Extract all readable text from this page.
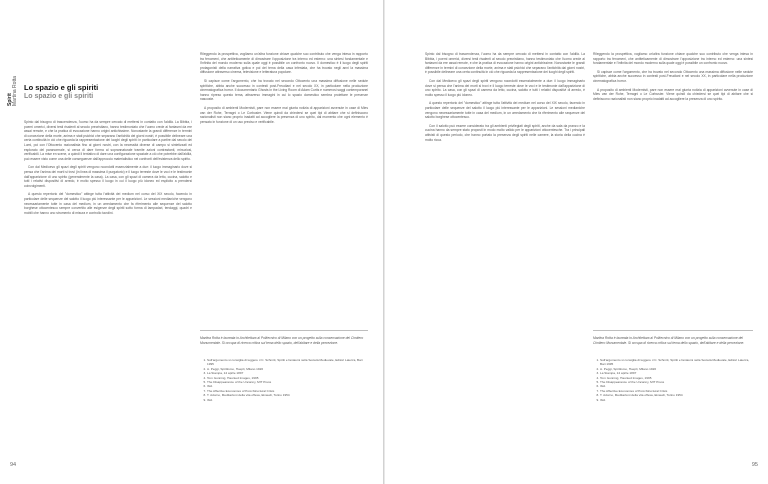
Spirit Martina Rotta Lo spazio e gli spiriti
Lo spazio e gli spiriti

Spinto dal bisogno di trascendenza, l'uomo ha da sempre cercato di mettersi in contatto con l'aldilà. La Bibbia, i poemi omerici, diversi testi risalenti al secolo precristiano, hanno testimoniato che l'uomo crede ai fantasmi da ere assai remote, e che la pratica di evocazione hanno origini antichissime. Nonostante la grandi differenze in termini di concezione della morte, anima e stati psichici che separano l'antichità dei giorni nostri, è possibile delineare una certa continuità in ciò che riguarda la rappresentazione dei luoghi degli spiriti: in particolare a partire dal secolo dei Lumi, poi con l'Ottocento razionalista fino ai giorni nostri, con la necessità diverse di campo si sintetizzati ed esplorato del paranormale, si cerca di dare forma al soprannaturale tramite azioni contrastanti, minuziosi, verificabili. La mise en scene, a quindi il tentativo di dare una configurazione spaziale a ciò che potrebbe dall'aldilà, può essere visto come una delle conseguenze dall'approccio materialistico nei confronti dell'esistenza dello spirito.

Con dal Medioevo gli spazi degli spiriti vengono noondotti essenzialmente a due: il luogo immaginario dove si pensa che l'anima dei morti si trovi (in linea di massima il purgatorio) e il luogo terreste dove le voci e le testimonie dall'apparizione di uno spirito (generalmente la casa). La casa, con gli spazi di camera da letto, cucina, salotto e tutti i relativi dispositivi di arredo, è molto spesso il luogo in cui il luogo più idoneo ed esplicito a prendersi coinvolgimenti.

A questo repertorio del "domestico" attinge tutta l'attività dei medium nel corso del XIX secolo, facendo in particolare delle sequenze del salotto il luogo più interessante per le apparizioni. Le sessioni medianiche vengono necessariamente tutte in casa del medium, in un arredamento che fa riferimento alle sequenze del salotto borghese ottocentesco sempre convertito alle esigenze degli spiriti sotto forma di lampadari, tendaggi, quadri e mobili che hanno uno strumento di misura e controllo tavolini.

Rileggendo la prospettiva, vogliamo un'altra funzione chiave qualche suo contributo che venga intesa in rapporto tra fenomeni, che antiteticamente di dimostrare l'opposizione tra interno ed esterno: una sintesi fondamentale e l'infinita del mondo moderno sulla quale oggi è possibile un confronto nuovo. Il domestico è il luogo degli spiriti protagonisti della narrativa gotica e poi del tema della casa infestata, che ha trovato negli anni la massima diffusione attraverso cinema, televisione e letteratura popolare.

Si capisce come l'argomento, che ha trovato nel secondo Ottocento una massima diffusione nelle sedute spiritiche, abbia anche successo in contesti post-Freudiani e nel secolo XX, in particolare nella produzione cinematografica horror. Il documentario Ghosts in the Living Room di Adam Curtis e numerosi saggi contemporanei hanno ripreso questo tema, attraverso immagini in cui lo spazio domestico sembra proiettare le presenze nascoste.

A proposito di ambienti Modernisti, pare non essere mai giunta notizia di apparizioni avvenute in case di Mies van der Rohe, Terragni o Le Corbusier. Viene quindi da chiedersi se quei tipi di abitare che si definiscono razionalisti non siano proprio inadatti ad accogliere la presenza di uno spirito, dal momento che ogni elemento è pensato in funzione di un uso preciso e verificabile.

Martina Rotta è laureata in Architettura al Politecnico di Milano con un progetto sulla conservazione del Cimitero Monumentale. Si occupa di ricerca critica sul tema dello spazio, dell'abitare e della percezione.
1. Sull'argomento si consiglia di leggere J.C. Schmitt, Spiriti e fantasmi nella Società Medievale, Editori Laterza, Bari 1995
2. A. Peggi, Spiritismo, Hoepli, Milano 1920
3. La Stampa, 14 aprile 1897
4. Tom Gunning, Haunted Images, 1995
5. The Disappearance of the Uncanny, MIT Press
6. Ibid.
7. The Affective Economies of Post-Structural Crisis
8. T. Adorno, Meditazioni della vita offesa, Einaudi, Torino 1954
9. Ibid.
94

Spinto dal bisogno di trascendenza, l'uomo ha da sempre cercato di mettersi in contatto con l'aldilà. La Bibbia, i poemi omerici, diversi testi risalenti al secolo precristiano, hanno testimoniato che l'uomo crede ai fantasmi da ere assai remote, e che la pratica di evocazione hanno origini antichissime. Nonostante le grandi differenze in termini di concezione della morte, anima e stati psichici che separano l'antichità dai giorni nostri, è possibile delineare una certa continuità in ciò che riguarda la rappresentazione dei luoghi degli spiriti.

Con dal Medioevo gli spazi degli spiriti vengono noondotti essenzialmente a due: il luogo immaginario dove si pensa che l'anima dei morti si trovi e il luogo terreste dove le voci e le testimonie dall'apparizione di uno spirito. La casa, con gli spazi di camera da letto, cucina, salotto e tutti i relativi dispositivi di arredo, è molto spesso il luogo più idoneo.

A questo repertorio del "domestico" attinge tutta l'attività dei medium nel corso del XIX secolo, facendo in particolare delle sequenze del salotto il luogo più interessante per le apparizioni. Le sessioni medianiche vengono necessariamente tutte in casa del medium, in un arredamento che fa riferimento alle sequenze del salotto borghese ottocentesco.

Con il salotto può essere considerato tra gli ambienti privilegiati degli spiriti, anche da sala da pranzo e la cucina hanno da sempre stato proposti in modo molto valido per le apparizioni ottocentesche. Tra i principali attivisti di questo periodo, che hanno portato la presenza degli spiriti nelle camere, la storia della cucina è molto ricca.

Rileggendo la prospettiva, vogliamo un'altra funzione chiave qualche suo contributo che venga intesa in rapporto tra fenomeni, che antiteticamente di dimostrare l'opposizione tra interno ed esterno: una sintesi fondamentale e l'infinita del mondo moderno sulla quale oggi è possibile un confronto nuovo.

Si capisce come l'argomento, che ha trovato nel secondo Ottocento una massima diffusione nelle sedute spiritiche, abbia anche successo in contesti post-Freudiani e nel secolo XX, in particolare nella produzione cinematografica horror.

A proposito di ambienti Modernisti, pare non essere mai giunta notizia di apparizioni avvenute in case di Mies van der Rohe, Terragni o Le Corbusier. Viene quindi da chiedersi se quei tipi di abitare che si definiscono razionalisti non siano proprio inadatti ad accogliere la presenza di uno spirito.

Martina Rotta è laureata in Architettura al Politecnico di Milano con un progetto sulla conservazione del Cimitero Monumentale. Si occupa di ricerca critica sul tema dello spazio, dell'abitare e della percezione.
1. Sull'argomento si consiglia di leggere J.C. Schmitt, Spiriti e fantasmi nella Società Medievale, Editori Laterza, Bari 1995
2. A. Peggi, Spiritismo, Hoepli, Milano 1920
3. La Stampa, 14 aprile 1897
4. Tom Gunning, Haunted Images, 1995
5. The Disappearance of the Uncanny, MIT Press
6. Ibid.
7. The Affective Economies of Post-Structural Crisis
8. T. Adorno, Meditazioni della vita offesa, Einaudi, Torino 1954
9. Ibid.
95
